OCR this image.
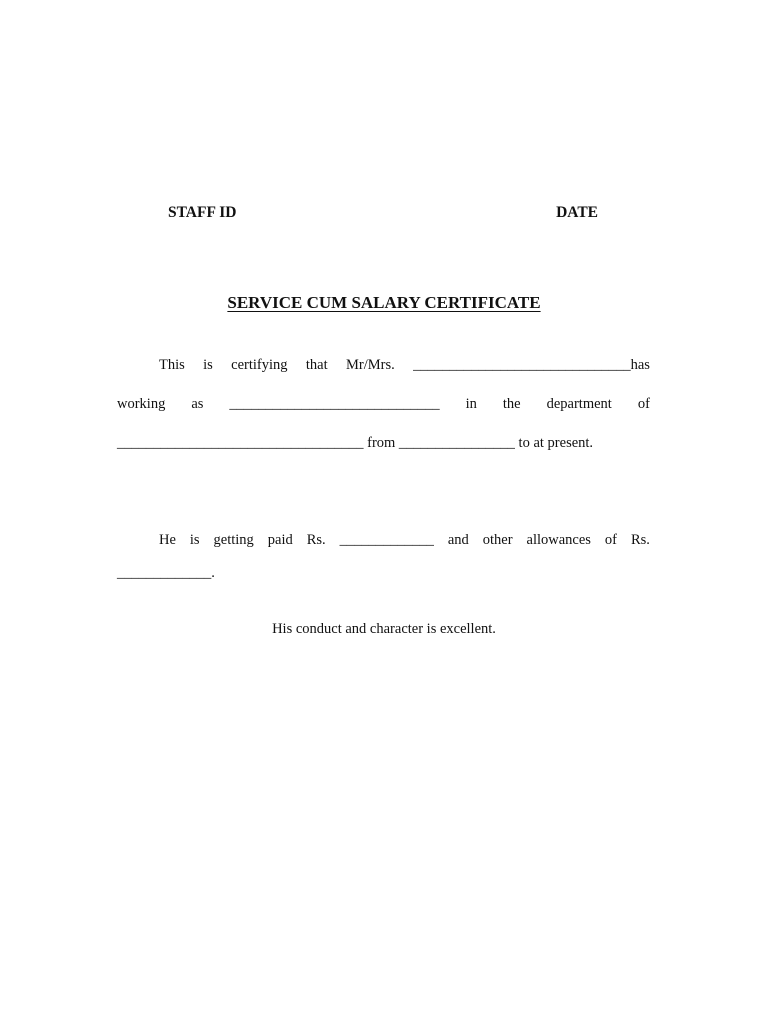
STAFF ID	DATE
SERVICE CUM SALARY CERTIFICATE
This is certifying that Mr/Mrs. ______________________________has
working as _____________________________ in the department of
__________________________________ from ________________ to at present.
He is getting paid Rs. _____________ and other allowances of Rs.
_____________.
His conduct and character is excellent.
